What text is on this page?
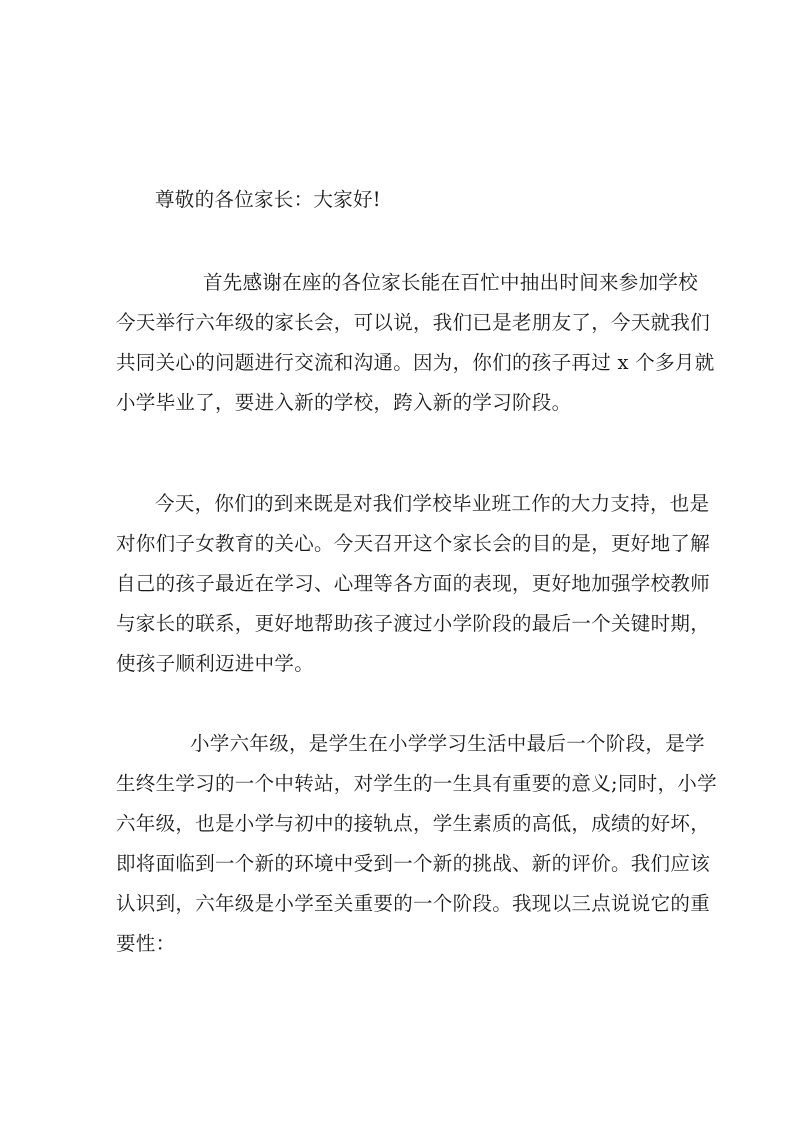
尊敬的各位家长：大家好!
首先感谢在座的各位家长能在百忙中抽出时间来参加学校
今天举行六年级的家长会，可以说，我们已是老朋友了，今天就我们
共同关心的问题进行交流和沟通。因为，你们的孩子再过 x 个多月就
小学毕业了，要进入新的学校，跨入新的学习阶段。
今天，你们的到来既是对我们学校毕业班工作的大力支持，也是
对你们子女教育的关心。今天召开这个家长会的目的是，更好地了解
自己的孩子最近在学习、心理等各方面的表现，更好地加强学校教师
与家长的联系，更好地帮助孩子渡过小学阶段的最后一个关键时期，
使孩子顺利迈进中学。
小学六年级，是学生在小学学习生活中最后一个阶段，是学
生终生学习的一个中转站，对学生的一生具有重要的意义;同时，小学
六年级，也是小学与初中的接轨点，学生素质的高低，成绩的好坏，
即将面临到一个新的环境中受到一个新的挑战、新的评价。我们应该
认识到，六年级是小学至关重要的一个阶段。我现以三点说说它的重
要性：
